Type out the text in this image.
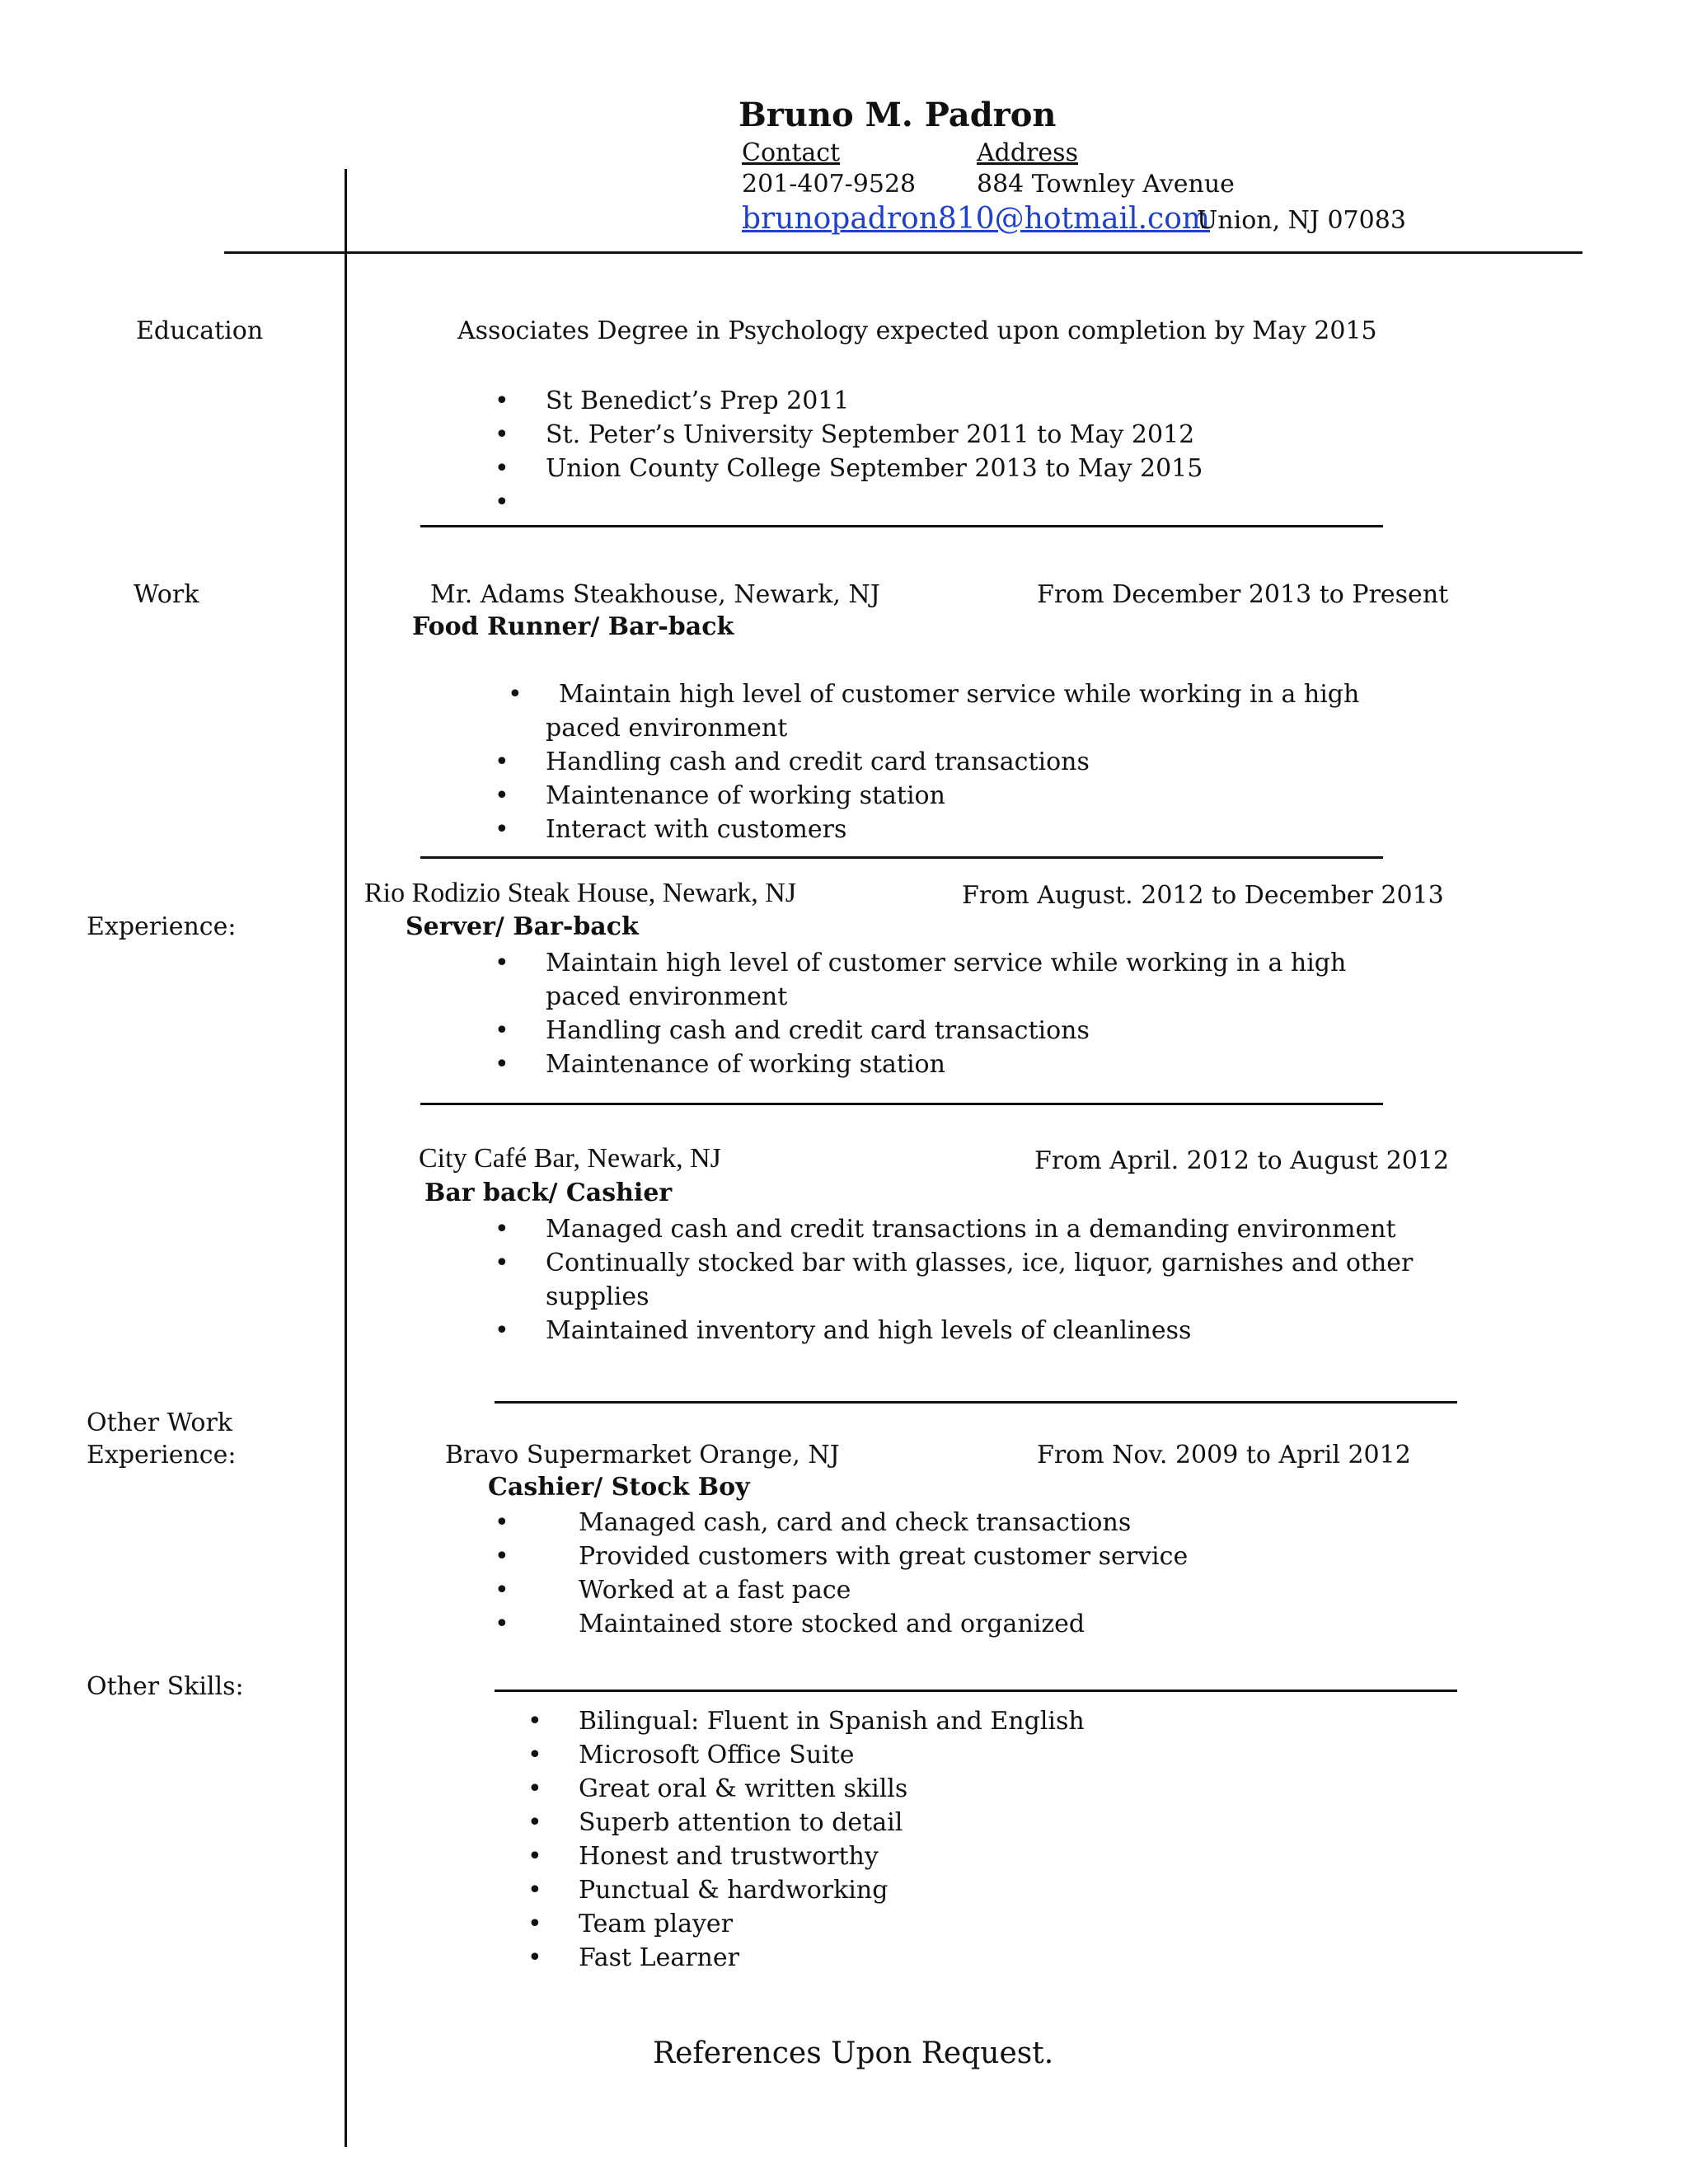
Bruno M. Padron
Contact	Address
201-407-9528 884 Townley Avenue
brunopadron810@hotmail.com
Union, NJ 07083
Education	Associates Degree in Psychology expected upon completion by May 2015
• St Benedict’s Prep 2011
• St. Peter’s University September 2011 to May 2012
• Union County College September 2013 to May 2015
•
Work	Mr. Adams Steakhouse, Newark, NJ	From December 2013 to Present
Food Runner/ Bar-back
• Maintain high level of customer service while working in a high paced environment
• Handling cash and credit card transactions
• Maintenance of working station
• Interact with customers
Rio Rodizio Steak House, Newark, NJ	From August. 2012 to December 2013
Experience:	Server/ Bar-back
• Maintain high level of customer service while working in a high paced environment
• Handling cash and credit card transactions
• Maintenance of working station
City Café Bar, Newark, NJ	From April. 2012 to August 2012
Bar back/ Cashier
• Managed cash and credit transactions in a demanding environment
• Continually stocked bar with glasses, ice, liquor, garnishes and other supplies
• Maintained inventory and high levels of cleanliness
Other Work
Experience:	Bravo Supermarket Orange, NJ	From Nov. 2009 to April 2012
Cashier/ Stock Boy
• Managed cash, card and check transactions
• Provided customers with great customer service
• Worked at a fast pace
• Maintained store stocked and organized
Other Skills:
• Bilingual: Fluent in Spanish and English
• Microsoft Office Suite
• Great oral & written skills
• Superb attention to detail
• Honest and trustworthy
• Punctual & hardworking
• Team player
• Fast Learner
References Upon Request.
